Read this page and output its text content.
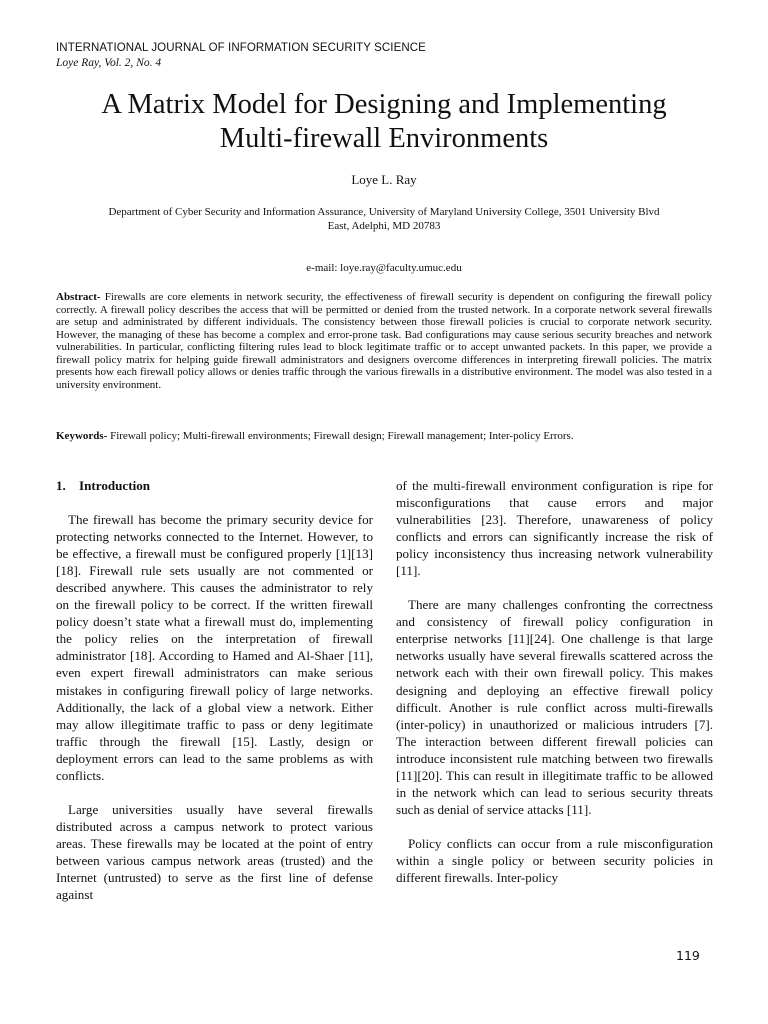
INTERNATIONAL JOURNAL OF INFORMATION SECURITY SCIENCE
Loye Ray, Vol. 2, No. 4
A Matrix Model for Designing and Implementing
Multi-firewall Environments
Loye L. Ray
Department of Cyber Security and Information Assurance, University of Maryland University College, 3501 University Blvd
East, Adelphi, MD 20783
e-mail: loye.ray@faculty.umuc.edu
Abstract- Firewalls are core elements in network security, the effectiveness of firewall security is dependent on configuring the firewall policy correctly. A firewall policy describes the access that will be permitted or denied from the trusted network. In a corporate network several firewalls are setup and administrated by different individuals. The consistency between those firewall policies is crucial to corporate network security. However, the managing of these has become a complex and error-prone task. Bad configurations may cause serious security breaches and network vulnerabilities. In particular, conflicting filtering rules lead to block legitimate traffic or to accept unwanted packets. In this paper, we provide a firewall policy matrix for helping guide firewall administrators and designers overcome differences in interpreting firewall policies. The matrix presents how each firewall policy allows or denies traffic through the various firewalls in a distributive environment. The model was also tested in a university environment.
Keywords- Firewall policy; Multi-firewall environments; Firewall design; Firewall management; Inter-policy Errors.

1. Introduction

The firewall has become the primary security device for protecting networks connected to the Internet. However, to be effective, a firewall must be configured properly [1][13][18]. Firewall rule sets usually are not commented or described anywhere. This causes the administrator to rely on the firewall policy to be correct. If the written firewall policy doesn’t state what a firewall must do, implementing the policy relies on the interpretation of firewall administrator [18]. According to Hamed and Al-Shaer [11], even expert firewall administrators can make serious mistakes in configuring firewall policy of large networks. Additionally, the lack of a global view a network. Either may allow illegitimate traffic to pass or deny legitimate traffic through the firewall [15]. Lastly, design or deployment errors can lead to the same problems as with conflicts.

Large universities usually have several firewalls distributed across a campus network to protect various areas. These firewalls may be located at the point of entry between various campus network areas (trusted) and the Internet (untrusted) to serve as the first line of defense against

of the multi-firewall environment configuration is ripe for misconfigurations that cause errors and major vulnerabilities [23]. Therefore, unawareness of policy conflicts and errors can significantly increase the risk of policy inconsistency thus increasing network vulnerability [11].

There are many challenges confronting the correctness and consistency of firewall policy configuration in enterprise networks [11][24]. One challenge is that large networks usually have several firewalls scattered across the network each with their own firewall policy. This makes designing and deploying an effective firewall policy difficult. Another is rule conflict across multi-firewalls (inter-policy) in unauthorized or malicious intruders [7]. The interaction between different firewall policies can introduce inconsistent rule matching between two firewalls [11][20]. This can result in illegitimate traffic to be allowed in the network which can lead to serious security threats such as denial of service attacks [11].

Policy conflicts can occur from a rule misconfiguration within a single policy or between security policies in different firewalls. Inter-policy

119
